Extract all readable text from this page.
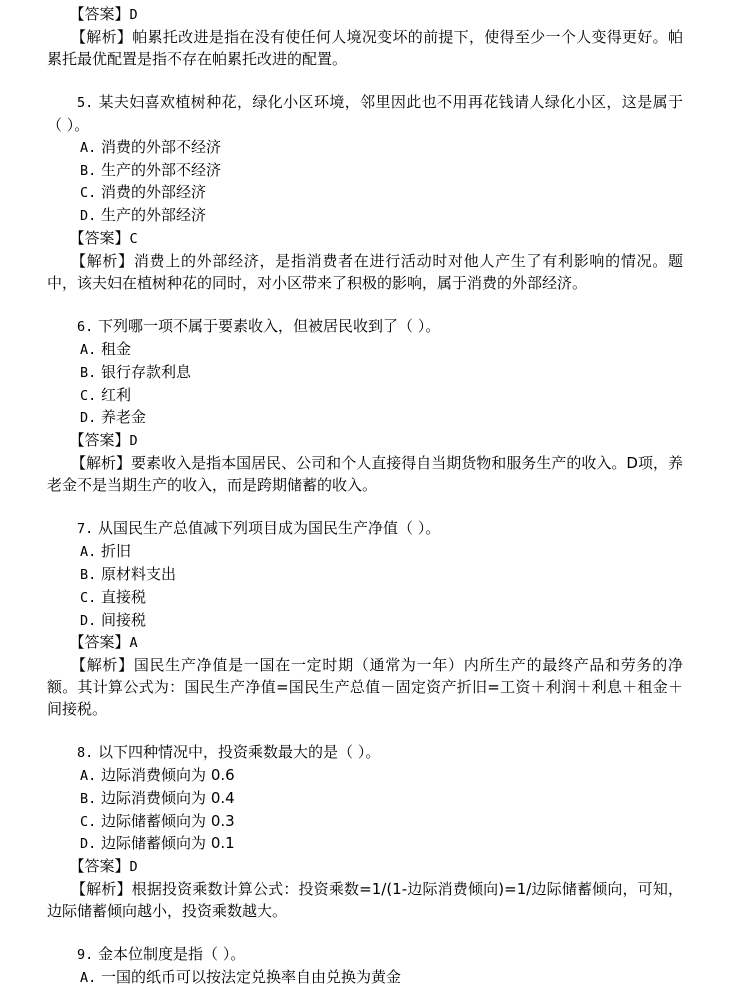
【答案】D

【解析】帕累托改进是指在没有使任何人境况变坏的前提下，使得至少一个人变得更好。帕累托最优配置是指不存在帕累托改进的配置。

5. 某夫妇喜欢植树种花，绿化小区环境，邻里因此也不用再花钱请人绿化小区，这是属于（ ）。

A. 消费的外部不经济

B. 生产的外部不经济

C. 消费的外部经济

D. 生产的外部经济

【答案】C

【解析】消费上的外部经济，是指消费者在进行活动时对他人产生了有利影响的情况。题中，该夫妇在植树种花的同时，对小区带来了积极的影响，属于消费的外部经济。

6. 下列哪一项不属于要素收入，但被居民收到了（ ）。

A. 租金

B. 银行存款利息

C. 红利

D. 养老金

【答案】D

【解析】要素收入是指本国居民、公司和个人直接得自当期货物和服务生产的收入。D项，养老金不是当期生产的收入，而是跨期储蓄的收入。

7. 从国民生产总值减下列项目成为国民生产净值（ ）。

A. 折旧

B. 原材料支出

C. 直接税

D. 间接税

【答案】A

【解析】国民生产净值是一国在一定时期（通常为一年）内所生产的最终产品和劳务的净额。其计算公式为：国民生产净值=国民生产总值－固定资产折旧=工资＋利润＋利息＋租金＋间接税。

8. 以下四种情况中，投资乘数最大的是（ ）。

A. 边际消费倾向为 0.6

B. 边际消费倾向为 0.4

C. 边际储蓄倾向为 0.3

D. 边际储蓄倾向为 0.1

【答案】D

【解析】根据投资乘数计算公式：投资乘数=1/(1-边际消费倾向)=1/边际储蓄倾向，可知，边际储蓄倾向越小，投资乘数越大。

9. 金本位制度是指（ ）。

A. 一国的纸币可以按法定兑换率自由兑换为黄金
